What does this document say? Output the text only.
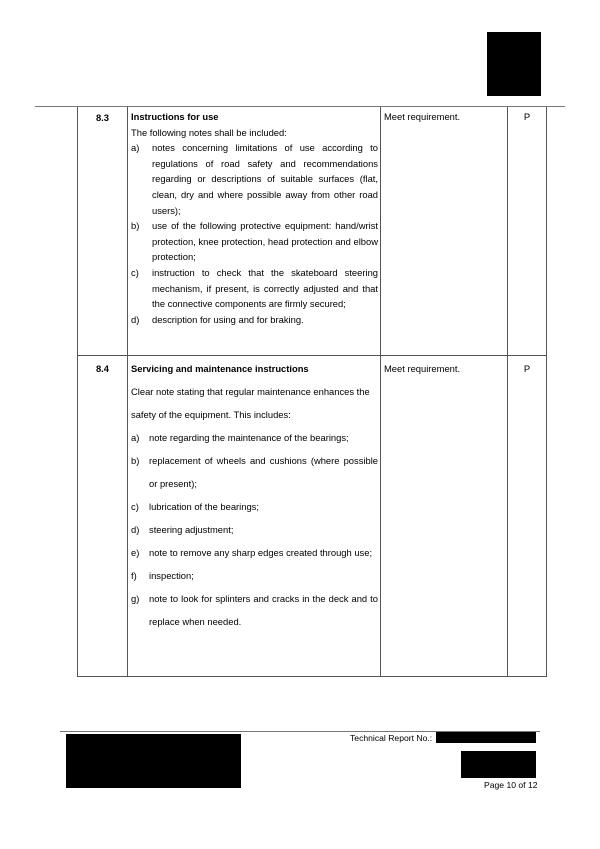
8.3	Instructions for use
The following notes shall be included:
a)	notes concerning limitations of use according to regulations of road safety and recommendations regarding or descriptions of suitable surfaces (flat, clean, dry and where possible away from other road users);
b)	use of the following protective equipment: hand/wrist protection, knee protection, head protection and elbow protection;
c)	instruction to check that the skateboard steering mechanism, if present, is correctly adjusted and that the connective components are firmly secured;
d)	description for using and for braking.
Meet requirement.	P
8.4	Servicing and maintenance instructions
Clear note stating that regular maintenance enhances the safety of the equipment. This includes:
a)	note regarding the maintenance of the bearings;
b)	replacement of wheels and cushions (where possible or present);
c)	lubrication of the bearings;
d)	steering adjustment;
e)	note to remove any sharp edges created through use;
f)	inspection;
g)	note to look for splinters and cracks in the deck and to replace when needed.
Meet requirement.	P
Technical Report No.:
Page 10 of 12
